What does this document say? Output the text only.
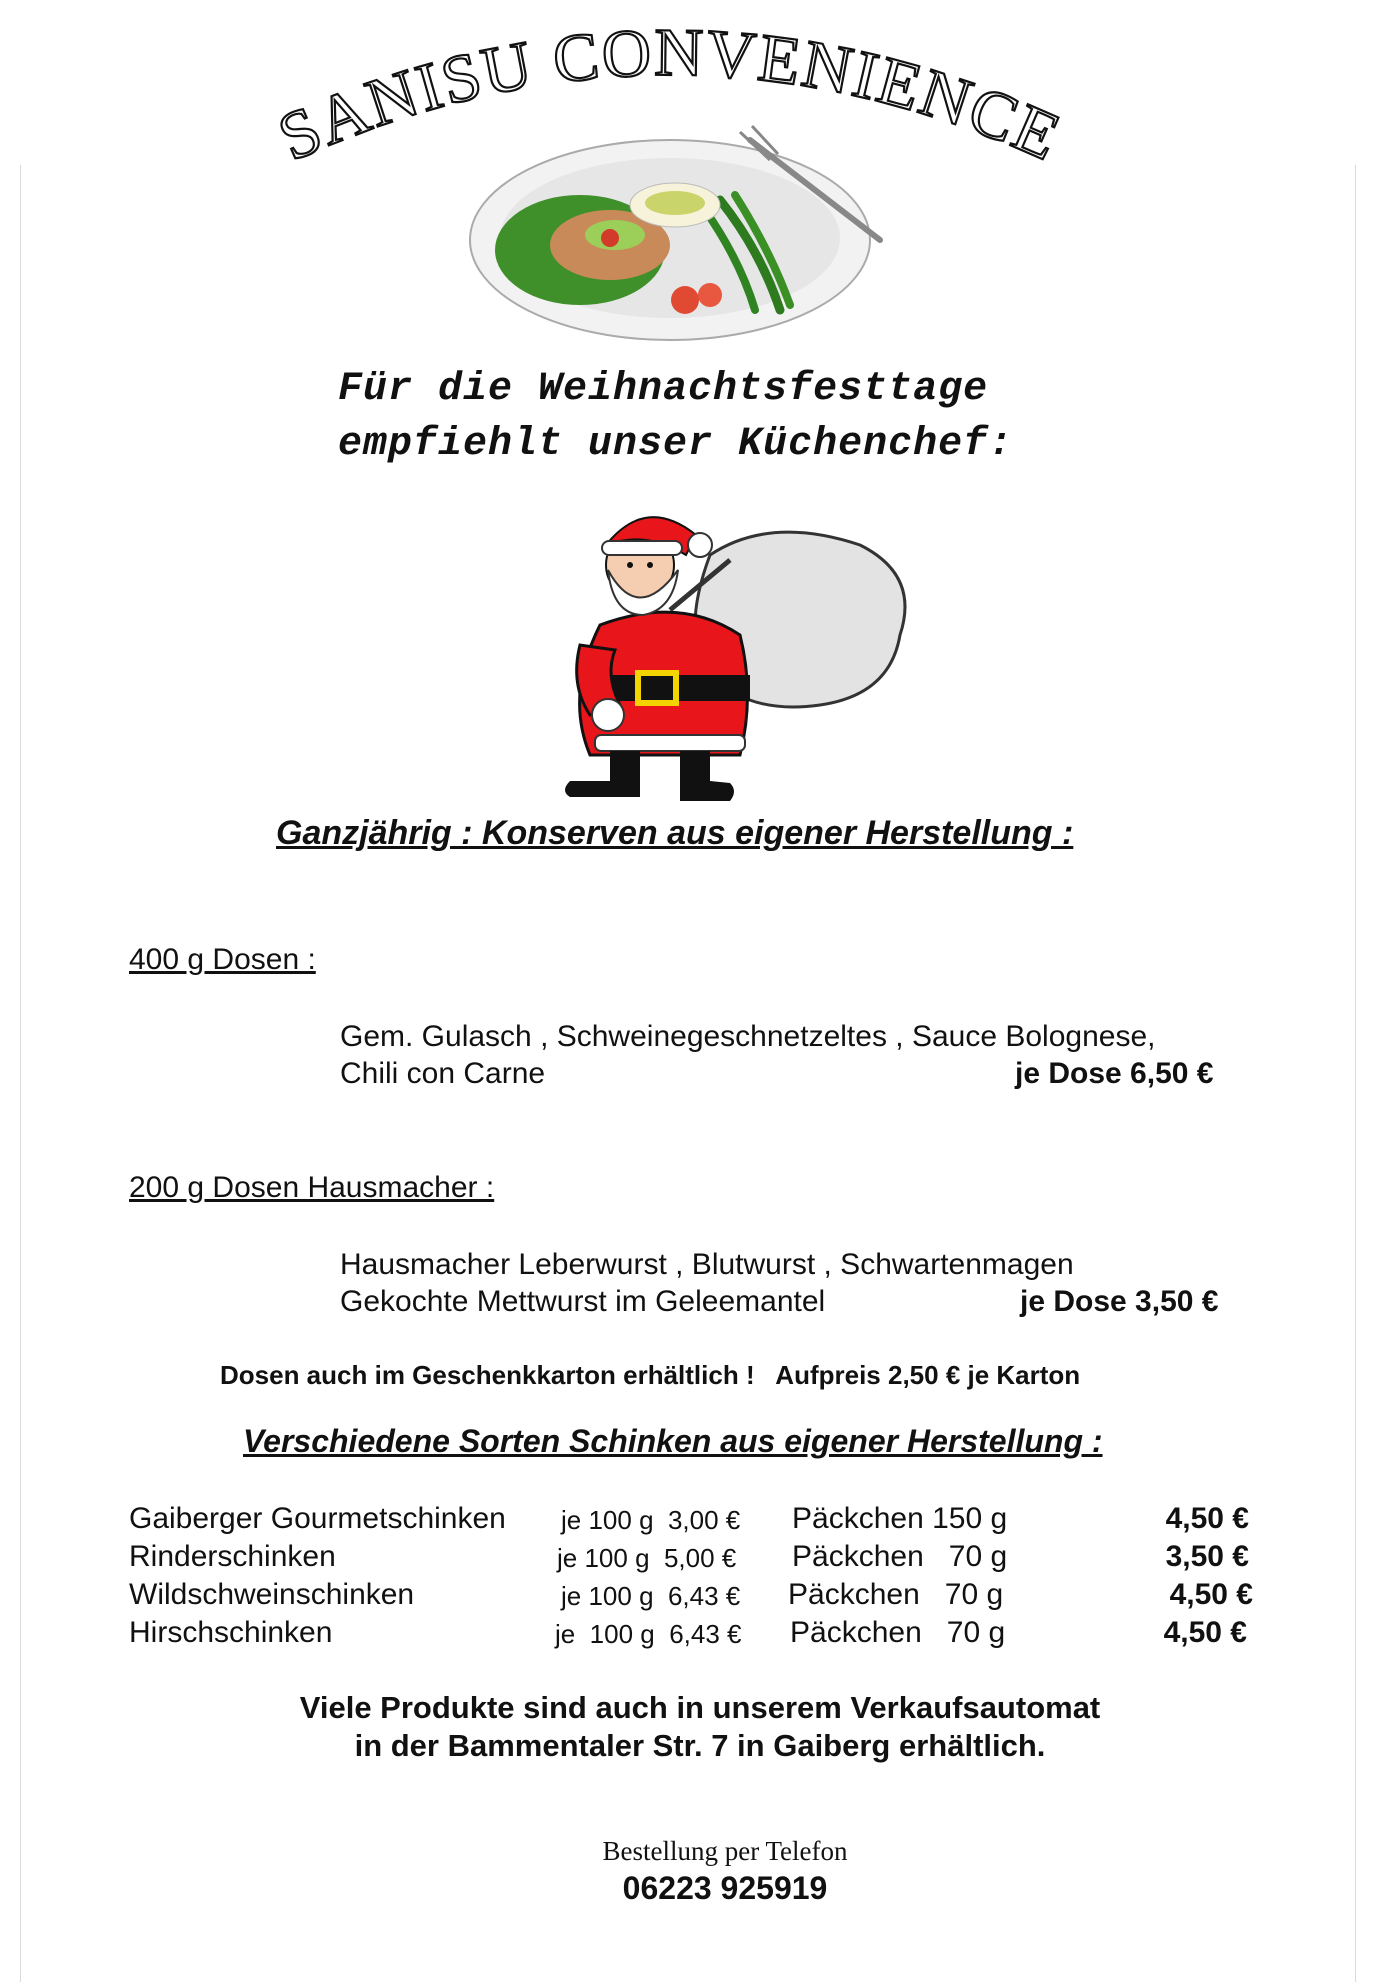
SANISU CONVENIENCE
Für die Weihnachtsfesttage
empfiehlt unser Küchenchef:
Ganzjährig : Konserven aus eigener Herstellung :
400 g Dosen :
Gem. Gulasch , Schweinegeschnetzeltes , Sauce Bolognese,
Chili con Carne	je Dose 6,50 €
200 g Dosen Hausmacher :
Hausmacher Leberwurst , Blutwurst , Schwartenmagen
Gekochte Mettwurst im Geleemantel	je Dose 3,50 €
Dosen auch im Geschenkkarton erhältlich !   Aufpreis 2,50 € je Karton
Verschiedene Sorten Schinken aus eigener Herstellung :
Gaiberger Gourmetschinken je 100 g  3,00 € Päckchen 150 g	4,50 €
Rinderschinken	je 100 g  5,00 € Päckchen   70 g	3,50 €
Wildschweinschinken	je 100 g  6,43 € Päckchen   70 g	4,50 €
Hirschschinken	je  100 g  6,43 € Päckchen   70 g	4,50 €
Viele Produkte sind auch in unserem Verkaufsautomat
in der Bammentaler Str. 7 in Gaiberg erhältlich.
Bestellung per Telefon
06223 925919
